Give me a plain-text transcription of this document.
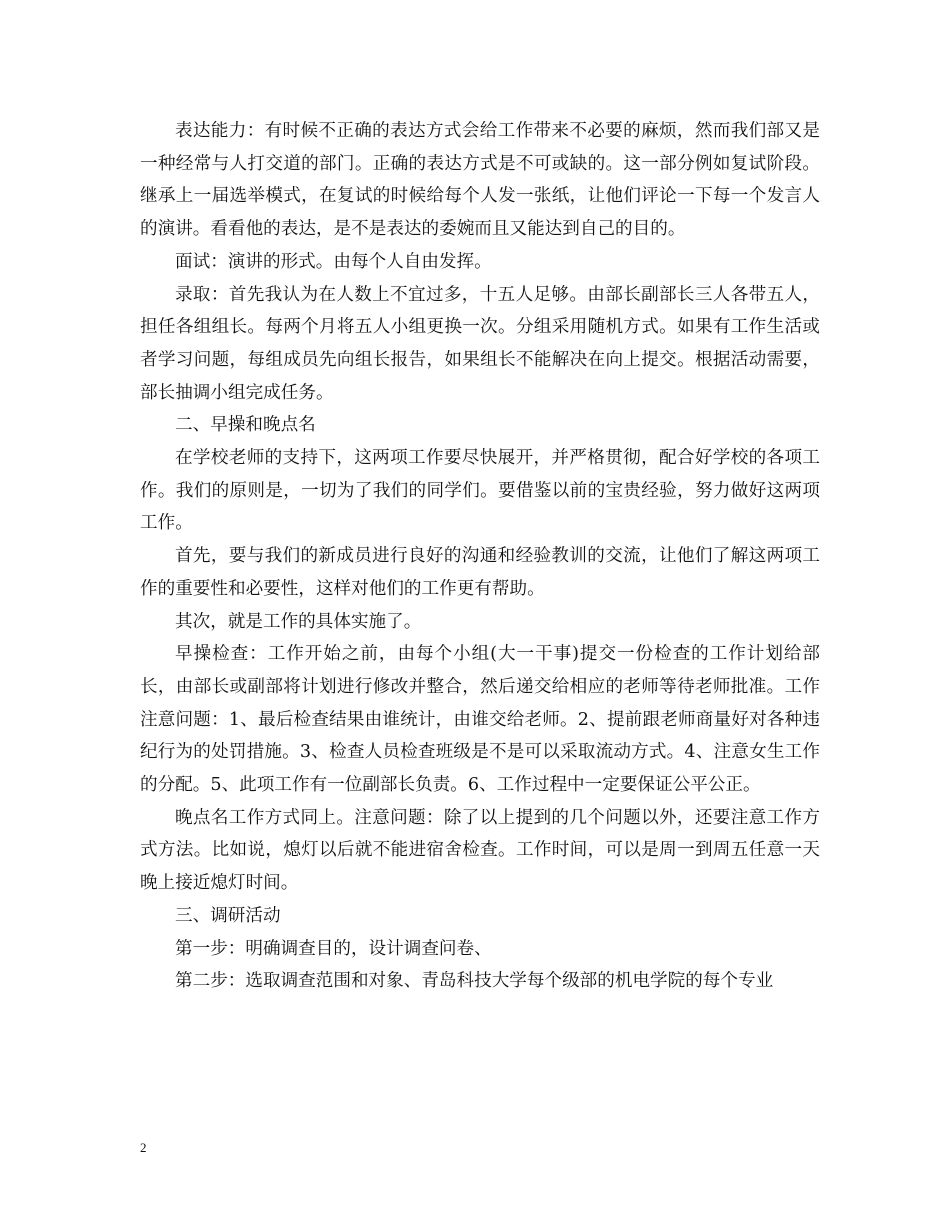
表达能力：有时候不正确的表达方式会给工作带来不必要的麻烦，然而我们部又是一种经常与人打交道的部门。正确的表达方式是不可或缺的。这一部分例如复试阶段。继承上一届选举模式，在复试的时候给每个人发一张纸，让他们评论一下每一个发言人的演讲。看看他的表达，是不是表达的委婉而且又能达到自己的目的。

面试：演讲的形式。由每个人自由发挥。

录取：首先我认为在人数上不宜过多，十五人足够。由部长副部长三人各带五人，担任各组组长。每两个月将五人小组更换一次。分组采用随机方式。如果有工作生活或者学习问题，每组成员先向组长报告，如果组长不能解决在向上提交。根据活动需要，部长抽调小组完成任务。

二、早操和晚点名

在学校老师的支持下，这两项工作要尽快展开，并严格贯彻，配合好学校的各项工作。我们的原则是，一切为了我们的同学们。要借鉴以前的宝贵经验，努力做好这两项工作。

首先，要与我们的新成员进行良好的沟通和经验教训的交流，让他们了解这两项工作的重要性和必要性，这样对他们的工作更有帮助。

其次，就是工作的具体实施了。

早操检查：工作开始之前，由每个小组(大一干事)提交一份检查的工作计划给部长，由部长或副部将计划进行修改并整合，然后递交给相应的老师等待老师批准。工作注意问题：1、最后检查结果由谁统计，由谁交给老师。2、提前跟老师商量好对各种违纪行为的处罚措施。3、检查人员检查班级是不是可以采取流动方式。4、注意女生工作的分配。5、此项工作有一位副部长负责。6、工作过程中一定要保证公平公正。

晚点名工作方式同上。注意问题：除了以上提到的几个问题以外，还要注意工作方式方法。比如说，熄灯以后就不能进宿舍检查。工作时间，可以是周一到周五任意一天晚上接近熄灯时间。

三、调研活动

第一步：明确调查目的，设计调查问卷、

第二步：选取调查范围和对象、青岛科技大学每个级部的机电学院的每个专业

2
